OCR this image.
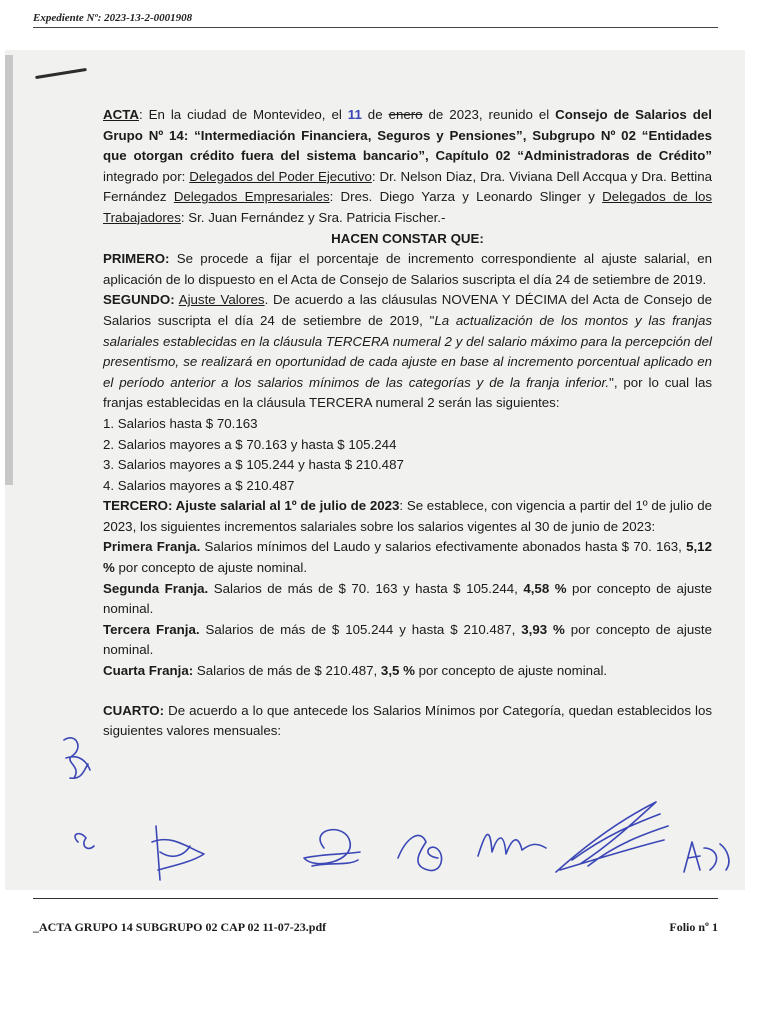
Expediente Nº: 2023-13-2-0001908

ACTA: En la ciudad de Montevideo, el 11 de enero de 2023, reunido el Consejo de Salarios del Grupo Nº 14: “Intermediación Financiera, Seguros y Pensiones”, Subgrupo Nº 02 “Entidades que otorgan crédito fuera del sistema bancario”, Capítulo 02 “Administradoras de Crédito” integrado por: Delegados del Poder Ejecutivo: Dr. Nelson Diaz, Dra. Viviana Dell Accqua y Dra. Bettina Fernández Delegados Empresariales: Dres. Diego Yarza y Leonardo Slinger y Delegados de los Trabajadores: Sr. Juan Fernández y Sra. Patricia Fischer.-

HACEN CONSTAR QUE:

PRIMERO: Se procede a fijar el porcentaje de incremento correspondiente al ajuste salarial, en aplicación de lo dispuesto en el Acta de Consejo de Salarios suscripta el día 24 de setiembre de 2019.

SEGUNDO: Ajuste Valores. De acuerdo a las cláusulas NOVENA Y DÉCIMA del Acta de Consejo de Salarios suscripta el día 24 de setiembre de 2019, "La actualización de los montos y las franjas salariales establecidas en la cláusula TERCERA numeral 2 y del salario máximo para la percepción del presentismo, se realizará en oportunidad de cada ajuste en base al incremento porcentual aplicado en el período anterior a los salarios mínimos de las categorías y de la franja inferior.", por lo cual las franjas establecidas en la cláusula TERCERA numeral 2 serán las siguientes:

1. Salarios hasta $ 70.163

2. Salarios mayores a $ 70.163 y hasta $ 105.244

3. Salarios mayores a $ 105.244 y hasta $ 210.487

4. Salarios mayores a $ 210.487

TERCERO: Ajuste salarial al 1º de julio de 2023: Se establece, con vigencia a partir del 1º de julio de 2023, los siguientes incrementos salariales sobre los salarios vigentes al 30 de junio de 2023:

Primera Franja. Salarios mínimos del Laudo y salarios efectivamente abonados hasta $ 70. 163, 5,12 % por concepto de ajuste nominal.

Segunda Franja. Salarios de más de $ 70. 163 y hasta $ 105.244, 4,58 % por concepto de ajuste nominal.

Tercera Franja. Salarios de más de $ 105.244 y hasta $ 210.487, 3,93 % por concepto de ajuste nominal.

Cuarta Franja: Salarios de más de $ 210.487, 3,5 % por concepto de ajuste nominal.

CUARTO: De acuerdo a lo que antecede los Salarios Mínimos por Categoría, quedan establecidos los siguientes valores mensuales:

_ACTA GRUPO 14 SUBGRUPO 02 CAP 02 11-07-23.pdf	Folio nº 1
